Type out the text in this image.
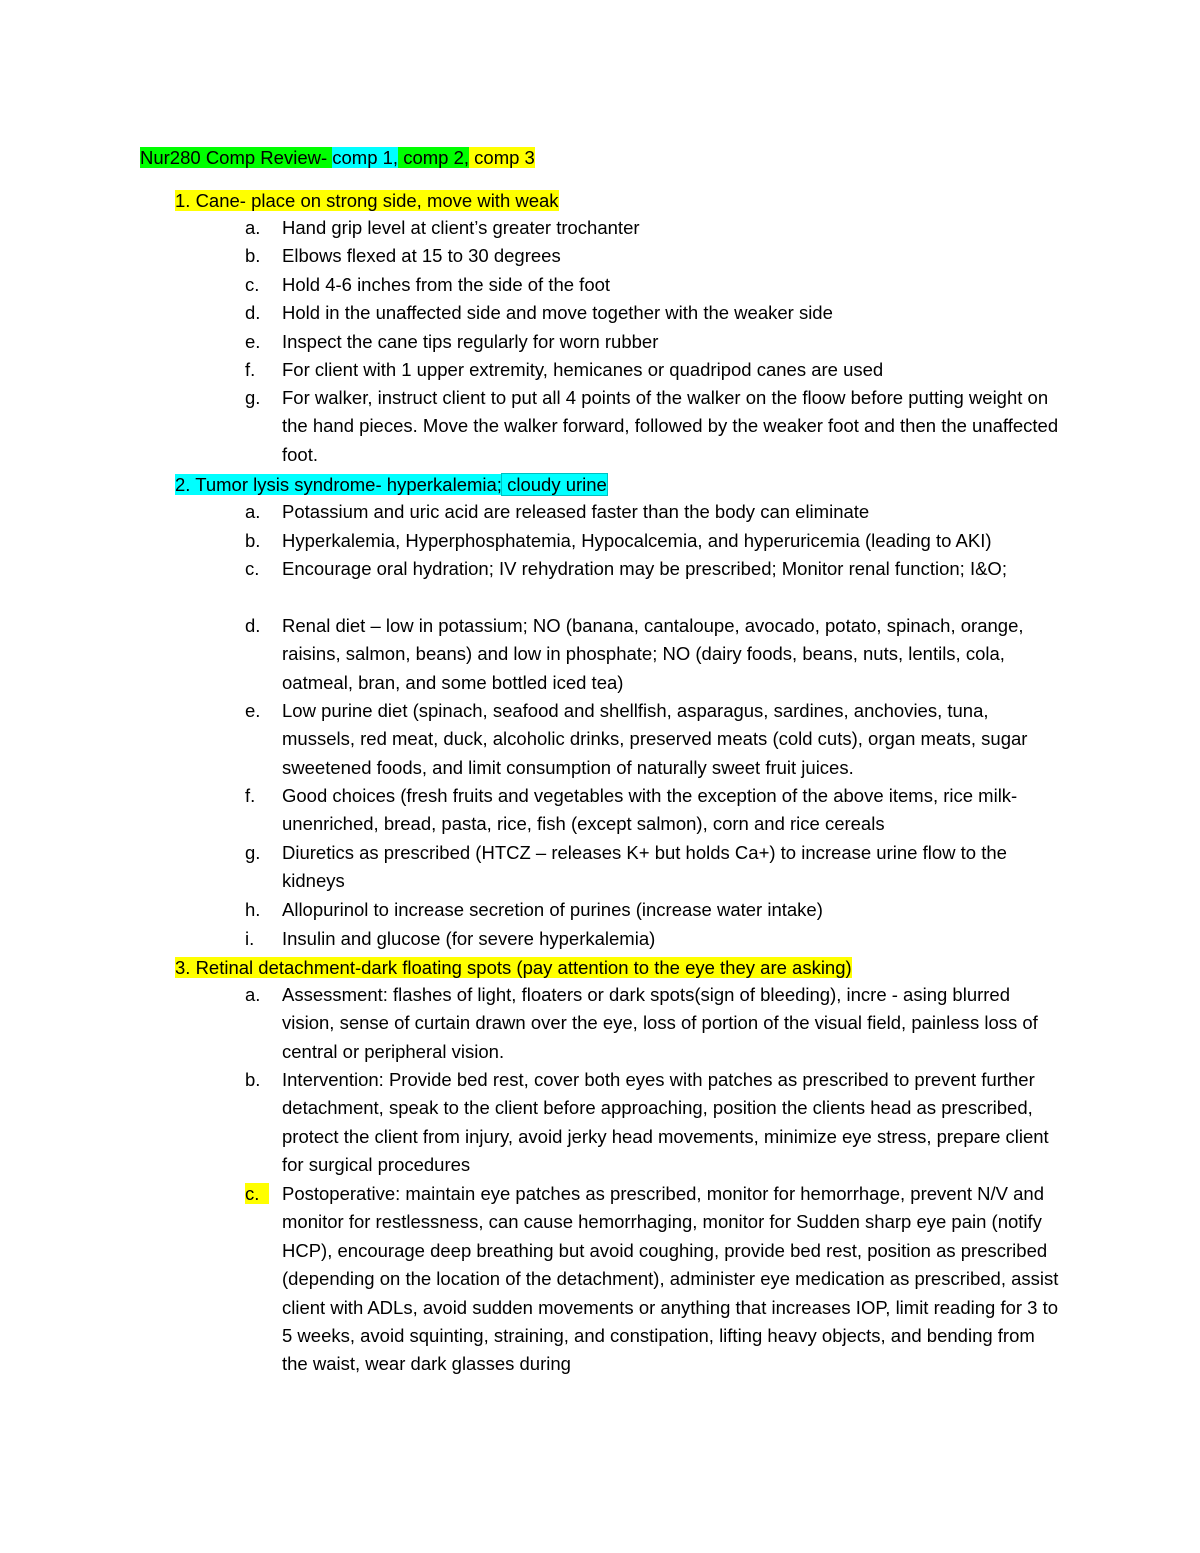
Nur280 Comp Review- comp 1, comp 2, comp 3
1. Cane- place on strong side, move with weak
a.	Hand grip level at client’s greater trochanter
b.	Elbows flexed at 15 to 30 degrees
c.	Hold 4-6 inches from the side of the foot
d.	Hold in the unaffected side and move together with the weaker side
e.	Inspect the cane tips regularly for worn rubber
f.	For client with 1 upper extremity, hemicanes or quadripod canes are used
g.	For walker, instruct client to put all 4 points of the walker on the floow before putting weight on the hand pieces. Move the walker forward, followed by the weaker foot and then the unaffected foot.
2. Tumor lysis syndrome- hyperkalemia; cloudy urine
a.	Potassium and uric acid are released faster than the body can eliminate
b.	Hyperkalemia, Hyperphosphatemia, Hypocalcemia, and hyperuricemia (leading to AKI)
c.	Encourage oral hydration; IV rehydration may be prescribed; Monitor renal function; I&O;
d.	Renal diet – low in potassium; NO (banana, cantaloupe, avocado, potato, spinach, orange, raisins, salmon, beans) and low in phosphate; NO (dairy foods, beans, nuts, lentils, cola, oatmeal, bran, and some bottled iced tea)
e.	Low purine diet (spinach, seafood and shellfish, asparagus, sardines, anchovies, tuna, mussels, red meat, duck, alcoholic drinks, preserved meats (cold cuts), organ meats, sugar sweetened foods, and limit consumption of naturally sweet fruit juices.
f.	Good choices (fresh fruits and vegetables with the exception of the above items, rice milk-unenriched, bread, pasta, rice, fish (except salmon), corn and rice cereals
g.	Diuretics as prescribed (HTCZ – releases K+ but holds Ca+) to increase urine flow to the kidneys
h.	Allopurinol to increase secretion of purines (increase water intake)
i.	Insulin and glucose (for severe hyperkalemia)
3. Retinal detachment-dark floating spots (pay attention to the eye they are asking)
a.	Assessment: flashes of light, floaters or dark spots(sign of bleeding), incre - asing blurred vision, sense of curtain drawn over the eye, loss of portion of the visual field, painless loss of central or peripheral vision.
b.	Intervention: Provide bed rest, cover both eyes with patches as prescribed to prevent further detachment, speak to the client before approaching, position the clients head as prescribed, protect the client from injury, avoid jerky head movements, minimize eye stress, prepare client for surgical procedures
c.	Postoperative: maintain eye patches as prescribed, monitor for hemorrhage, prevent N/V and monitor for restlessness, can cause hemorrhaging, monitor for Sudden sharp eye pain (notify HCP), encourage deep breathing but avoid coughing, provide bed rest, position as prescribed (depending on the location of the detachment), administer eye medication as prescribed, assist client with ADLs, avoid sudden movements or anything that increases IOP, limit reading for 3 to 5 weeks, avoid squinting, straining, and constipation, lifting heavy objects, and bending from the waist, wear dark glasses during
